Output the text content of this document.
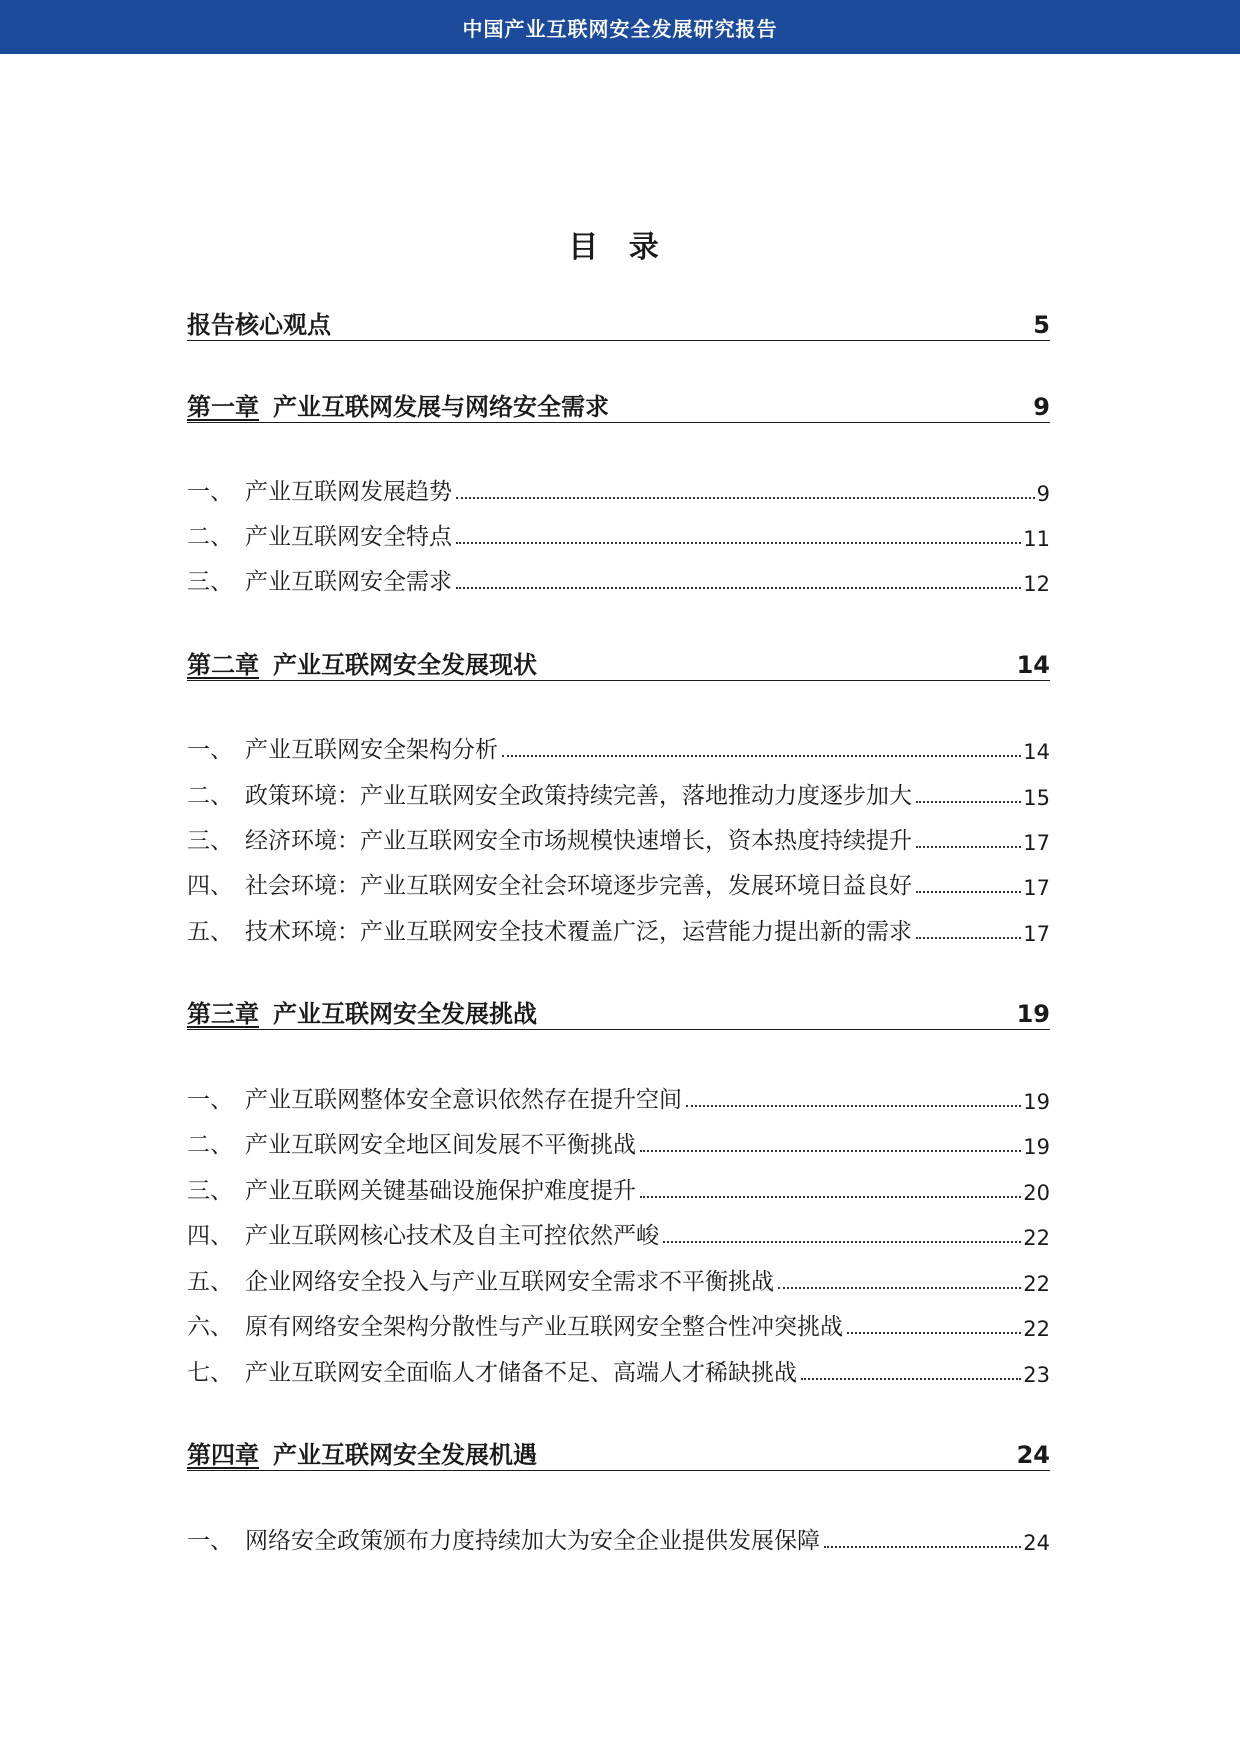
中国产业互联网安全发展研究报告
目 录
报告核心观点	5
第一章 产业互联网发展与网络安全需求	9
一、 产业互联网发展趋势	9
二、 产业互联网安全特点	11
三、 产业互联网安全需求	12
第二章 产业互联网安全发展现状	14
一、 产业互联网安全架构分析	14
二、 政策环境：产业互联网安全政策持续完善，落地推动力度逐步加大	15
三、 经济环境：产业互联网安全市场规模快速增长，资本热度持续提升	17
四、 社会环境：产业互联网安全社会环境逐步完善，发展环境日益良好	17
五、 技术环境：产业互联网安全技术覆盖广泛，运营能力提出新的需求	17
第三章 产业互联网安全发展挑战	19
一、 产业互联网整体安全意识依然存在提升空间	19
二、 产业互联网安全地区间发展不平衡挑战	19
三、 产业互联网关键基础设施保护难度提升	20
四、 产业互联网核心技术及自主可控依然严峻	22
五、 企业网络安全投入与产业互联网安全需求不平衡挑战	22
六、 原有网络安全架构分散性与产业互联网安全整合性冲突挑战	22
七、 产业互联网安全面临人才储备不足、高端人才稀缺挑战	23
第四章 产业互联网安全发展机遇	24
一、 网络安全政策颁布力度持续加大为安全企业提供发展保障	24
